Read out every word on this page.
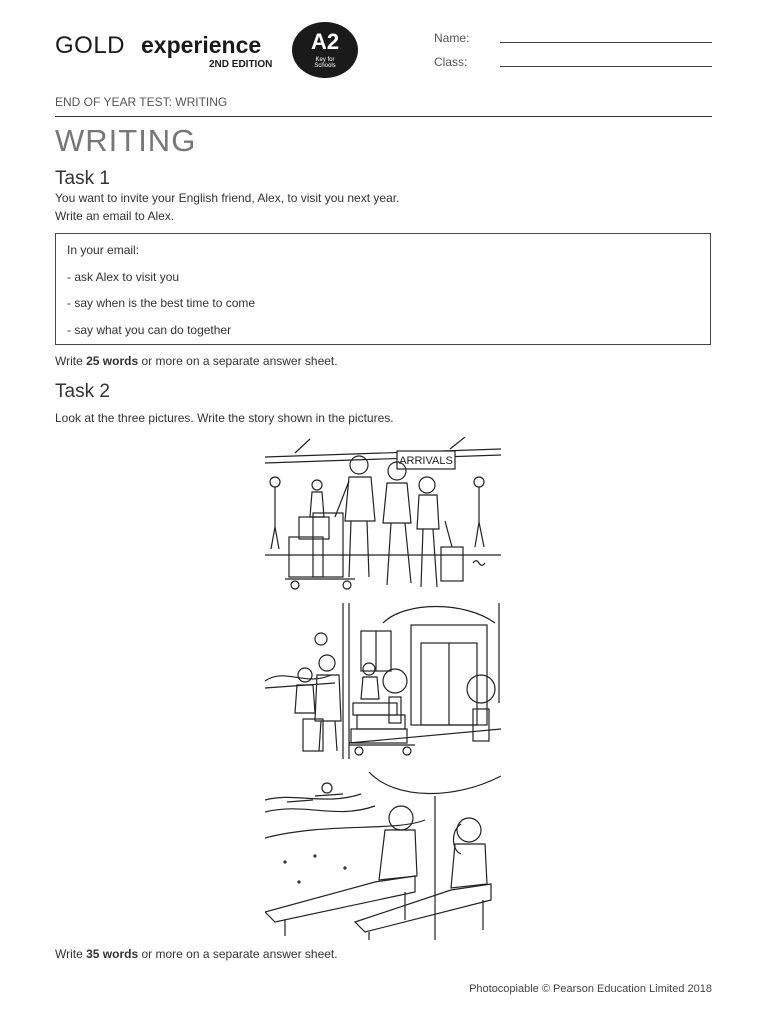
GOLD experience
2ND EDITION
A2
Key for
Schools
Name:
Class:
END OF YEAR TEST: WRITING
WRITING
Task 1
You want to invite your English friend, Alex, to visit you next year.
Write an email to Alex.
In your email:
- ask Alex to visit you
- say when is the best time to come
- say what you can do together
Write 25 words or more on a separate answer sheet.
Task 2
Look at the three pictures. Write the story shown in the pictures.
ARRIVALS
Write 35 words or more on a separate answer sheet.
Photocopiable © Pearson Education Limited 2018
